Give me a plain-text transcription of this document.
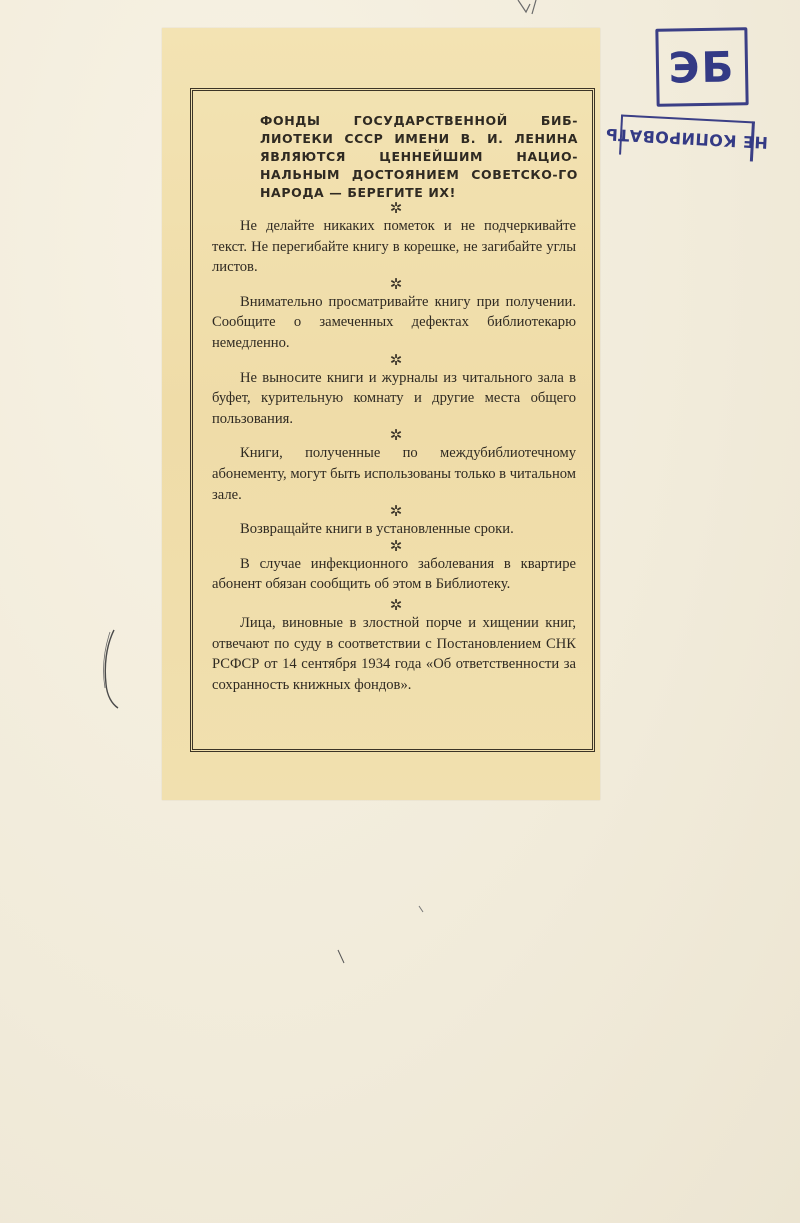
ФОНДЫ ГОСУДАРСТВЕННОЙ БИБ-ЛИОТЕКИ СССР ИМЕНИ В. И. ЛЕНИНА ЯВЛЯЮТСЯ ЦЕННЕЙШИМ НАЦИО-НАЛЬНЫМ ДОСТОЯНИЕМ СОВЕТСКО-ГО НАРОДА — БЕРЕГИТЕ ИХ!
✲

Не делайте никаких пометок и не подчеркивайте текст. Не перегибайте книгу в корешке, не загибайте углы листов.

✲

Внимательно просматривайте книгу при получении. Сообщите о замеченных дефектах библиотекарю немедленно.

✲

Не выносите книги и журналы из читального зала в буфет, курительную комнату и другие места общего пользования.

✲

Книги, полученные по междубиблиотечному абонементу, могут быть использованы только в читальном зале.

✲

Возвращайте книги в установленные сроки.

✲

В случае инфекционного заболевания в квартире абонент обязан сообщить об этом в Библиотеку.

✲

Лица, виновные в злостной порче и хищении книг, отвечают по суду в соответствии с Постановлением СНК РСФСР от 14 сентября 1934 года «Об ответственности за сохранность книжных фондов».

ЭБ
НЕ КОПИРОВАТЬ
